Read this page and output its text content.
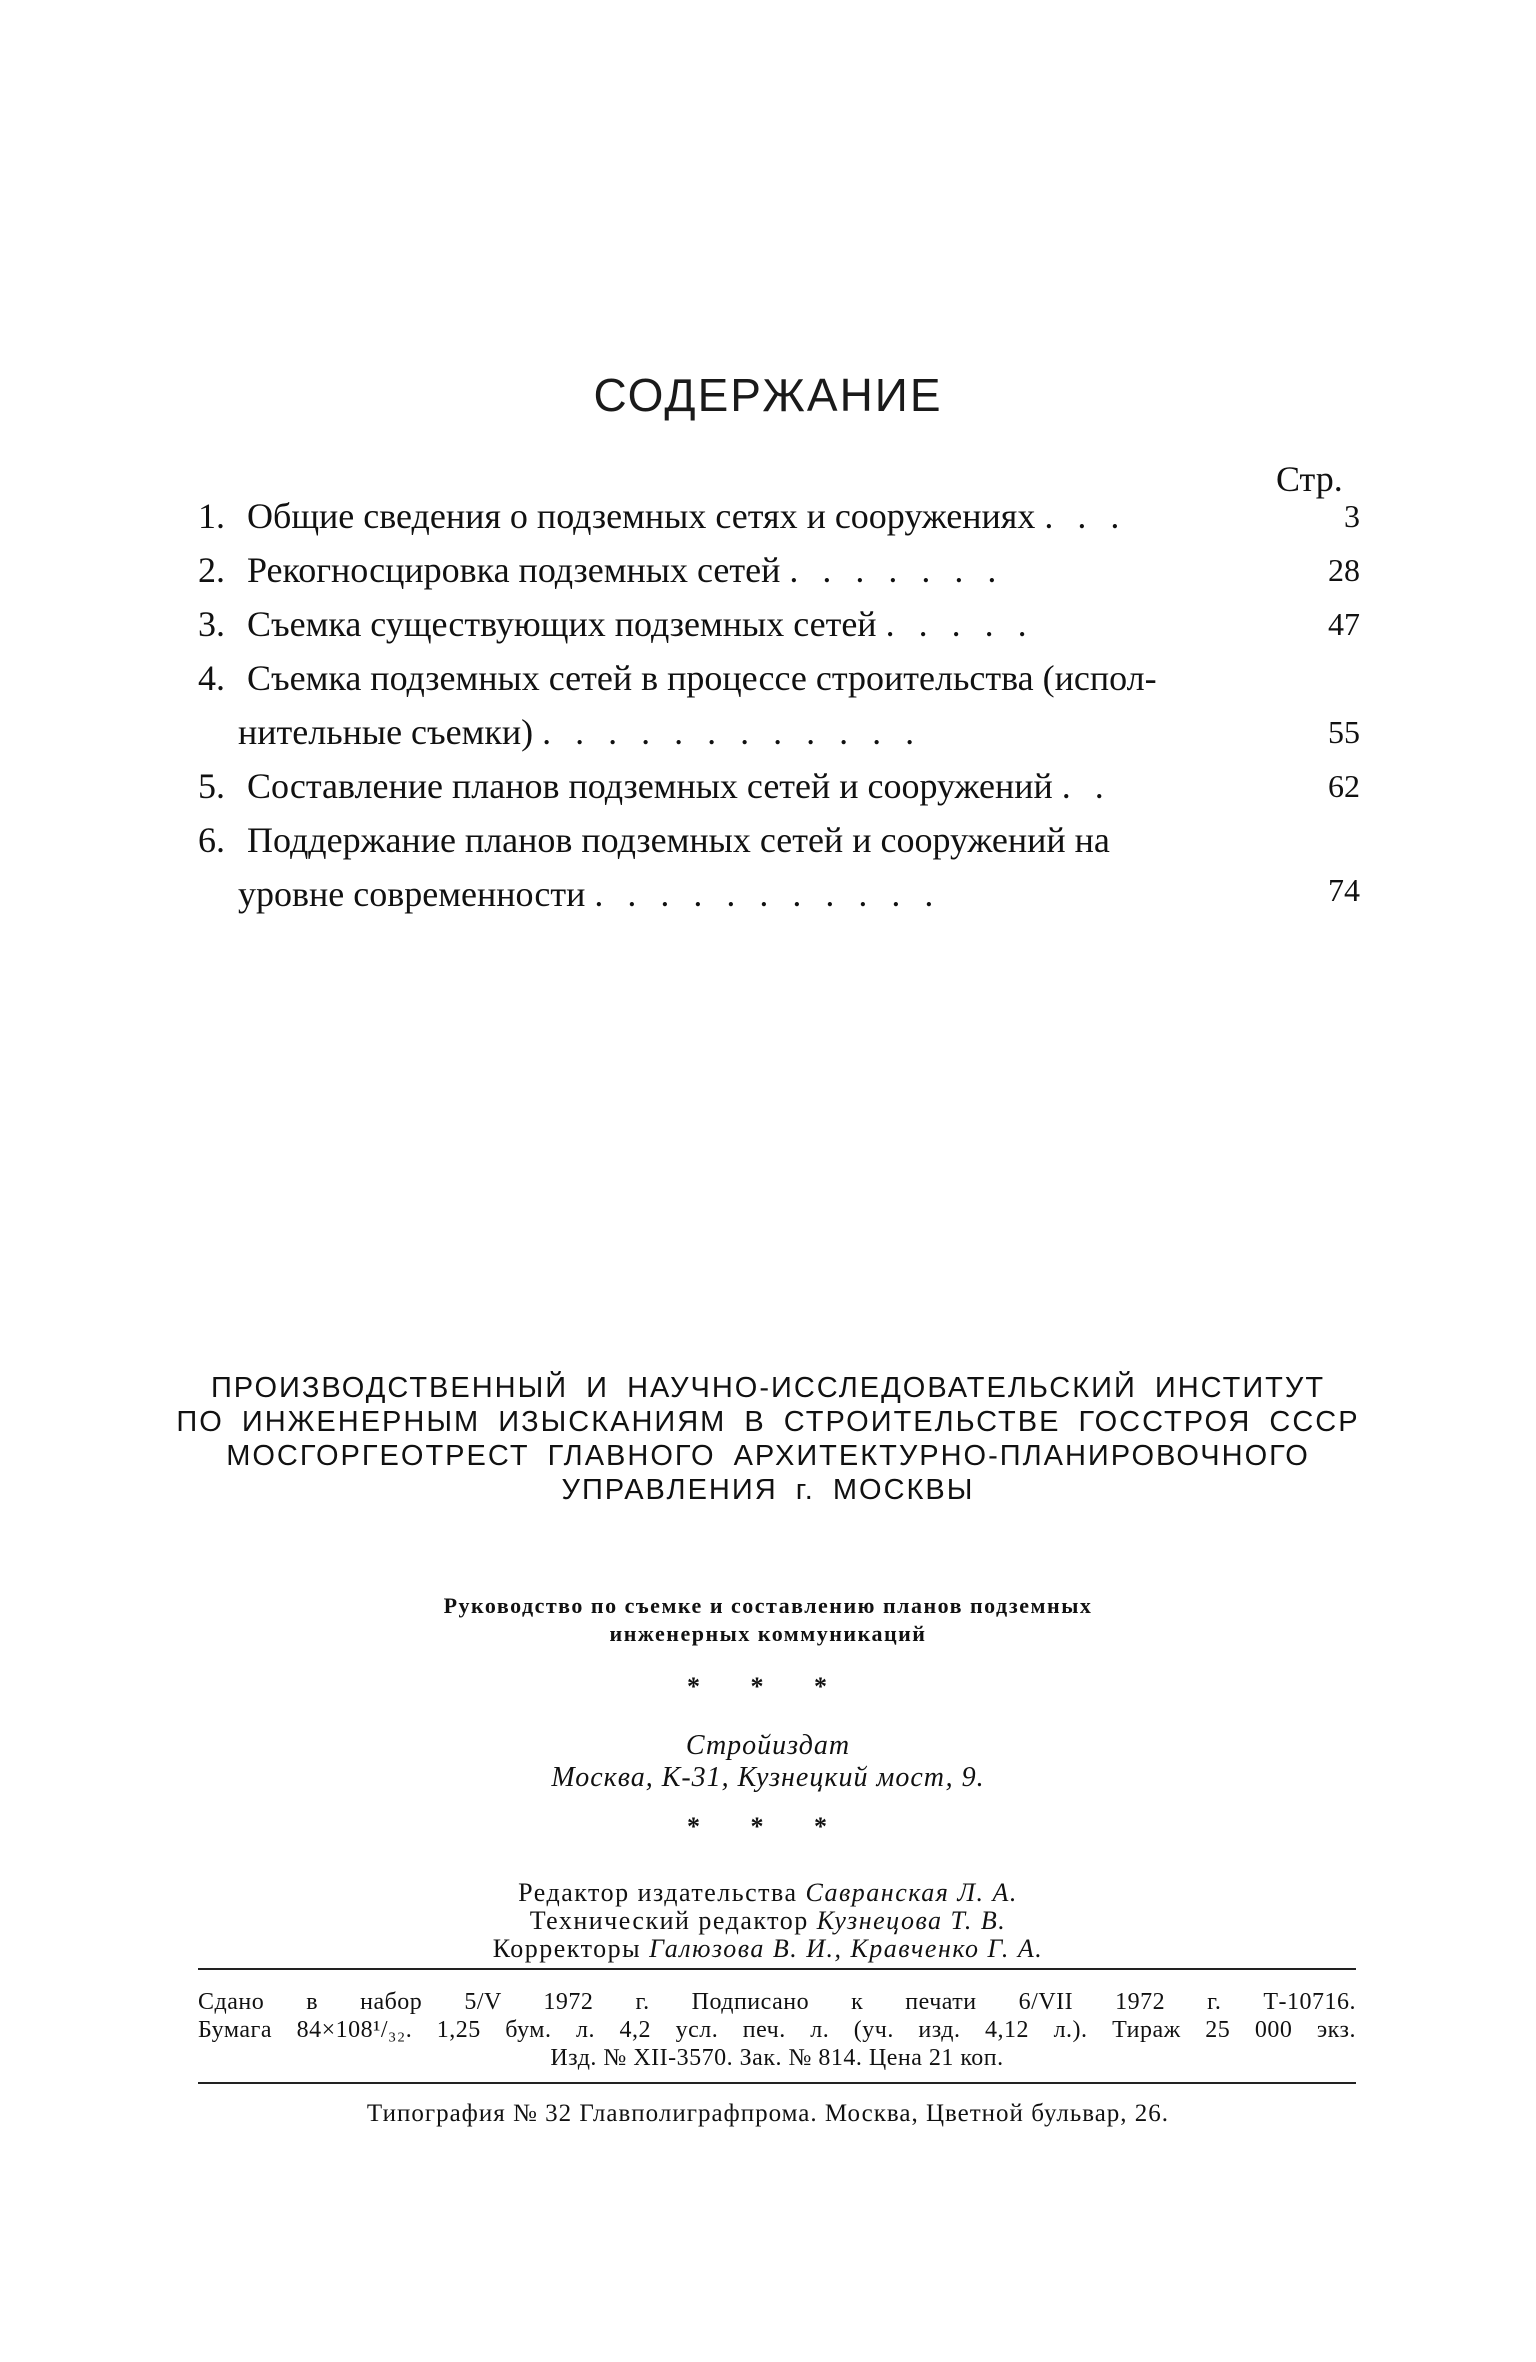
СОДЕРЖАНИЕ
Стр.
1. Общие сведения о подземных сетях и сооружениях ...	3
2. Рекогносцировка подземных сетей .......	28
3. Съемка существующих подземных сетей .....	47
4. Съемка подземных сетей в процессе строительства (испол-
нительные съемки) ............	55
5. Составление планов подземных сетей и сооружений ..	62
6. Поддержание планов подземных сетей и сооружений на
уровне современности ...........	74
ПРОИЗВОДСТВЕННЫЙ И НАУЧНО-ИССЛЕДОВАТЕЛЬСКИЙ ИНСТИТУТ
ПО ИНЖЕНЕРНЫМ ИЗЫСКАНИЯМ В СТРОИТЕЛЬСТВЕ ГОССТРОЯ СССР
МОСГОРГЕОТРЕСТ ГЛАВНОГО АРХИТЕКТУРНО-ПЛАНИРОВОЧНОГО
УПРАВЛЕНИЯ г. МОСКВЫ
Руководство по съемке и составлению планов подземных
инженерных коммуникаций
* * *
Стройиздат
Москва, К-31, Кузнецкий мост, 9.
* * *
Редактор издательства Савранская Л. А.
Технический редактор Кузнецова Т. В.
Корректоры Галюзова В. И., Кравченко Г. А.
Сдано в набор 5/V 1972 г. Подписано к печати 6/VII 1972 г. Т-10716.
Бумага 84×108¹/₃₂. 1,25 бум. л. 4,2 усл. печ. л. (уч. изд. 4,12 л.). Тираж 25 000 экз.
Изд. № XII-3570. Зак. № 814. Цена 21 коп.
Типография № 32 Главполиграфпрома. Москва, Цветной бульвар, 26.
